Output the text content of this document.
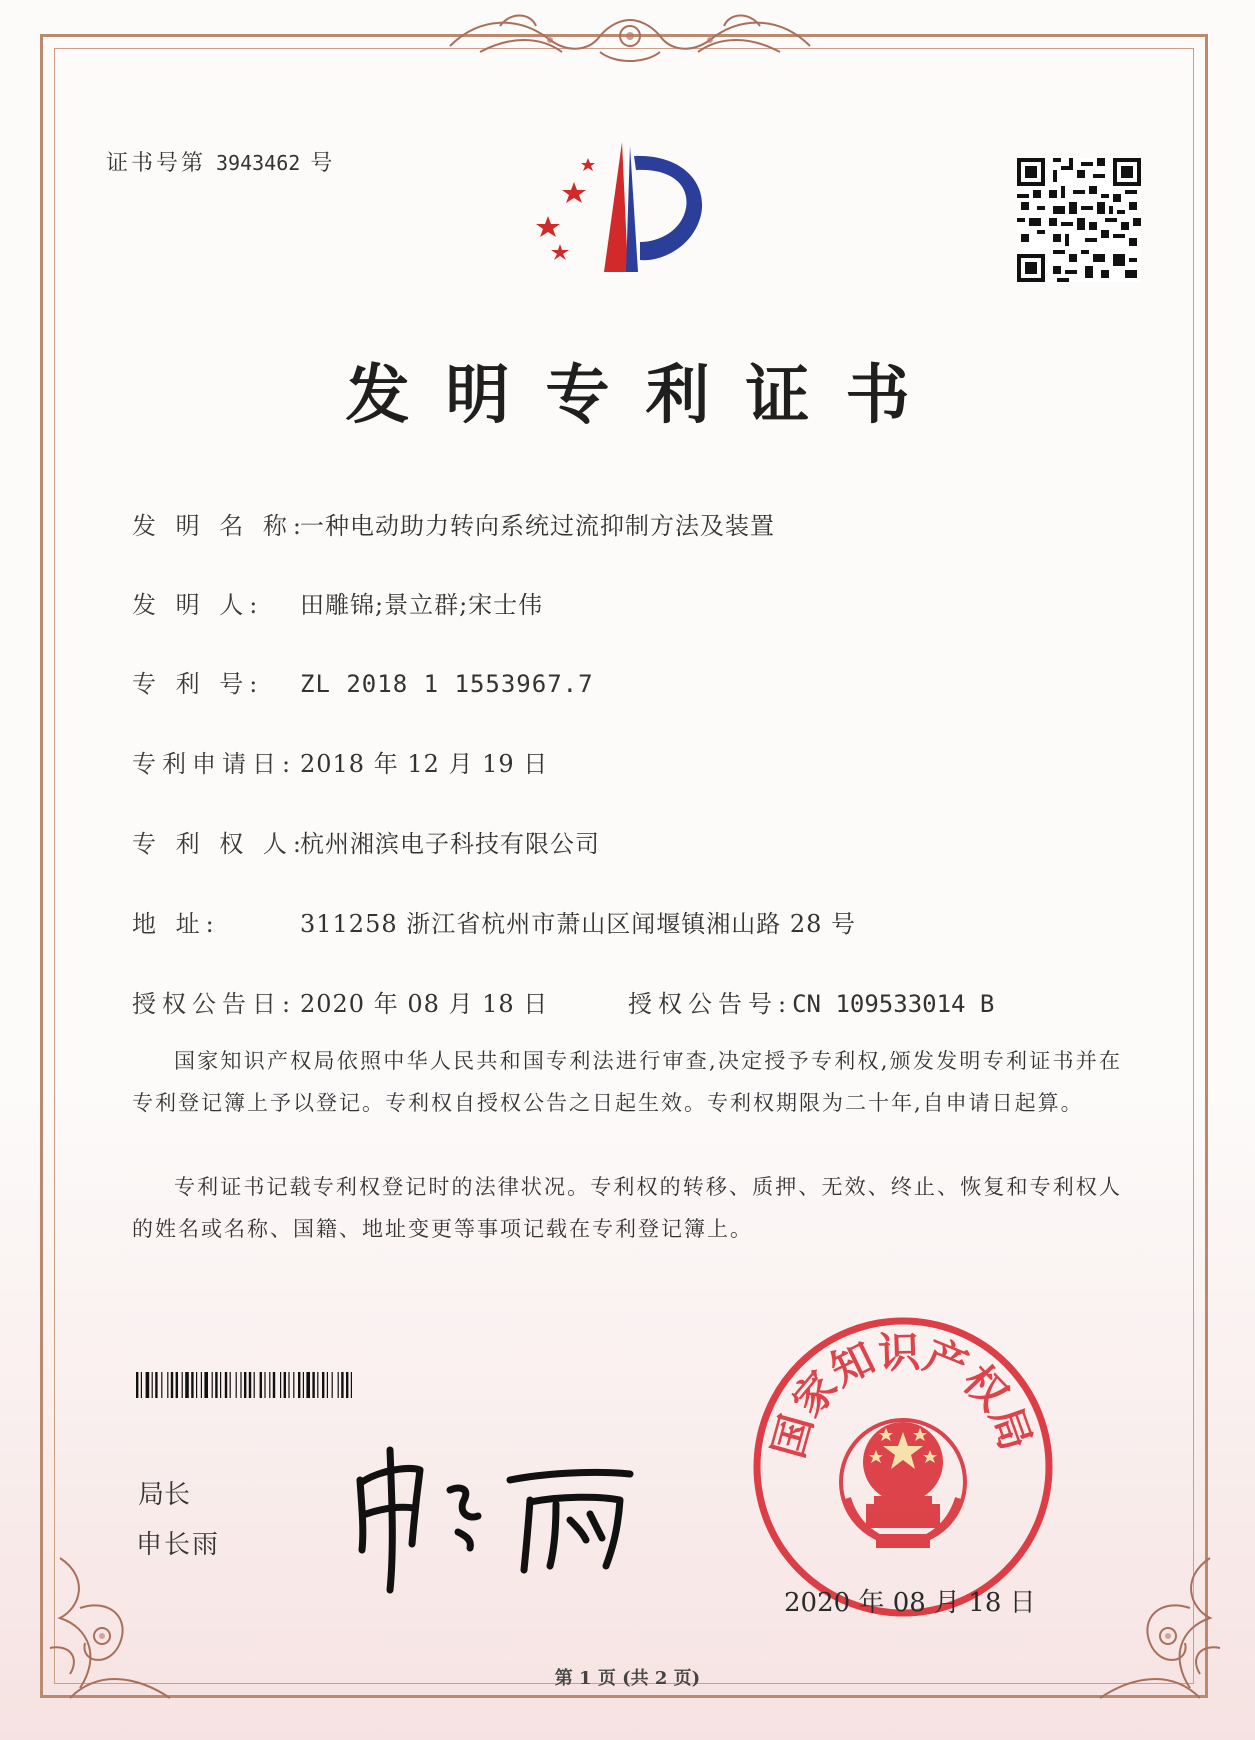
证书号第 3943462 号
发明专利证书
发 明 名 称:一种电动助力转向系统过流抑制方法及装置
发 明 人: 田雕锦;景立群;宋士伟
专 利 号: ZL 2018 1 1553967.7
专利申请日: 2018 年 12 月 19 日
专 利 权 人:杭州湘滨电子科技有限公司
地 址:	311258 浙江省杭州市萧山区闻堰镇湘山路 28 号
授权公告日: 2020 年 08 月 18 日	授权公告号:CN 109533014 B
国家知识产权局依照中华人民共和国专利法进行审查,决定授予专利权,颁发发明专利证书并在专利登记簿上予以登记。专利权自授权公告之日起生效。专利权期限为二十年,自申请日起算。
专利证书记载专利权登记时的法律状况。专利权的转移、质押、无效、终止、恢复和专利权人的姓名或名称、国籍、地址变更等事项记载在专利登记簿上。
局长
申长雨
国家知识产权局
2020 年 08 月 18 日
第 1 页 (共 2 页)
